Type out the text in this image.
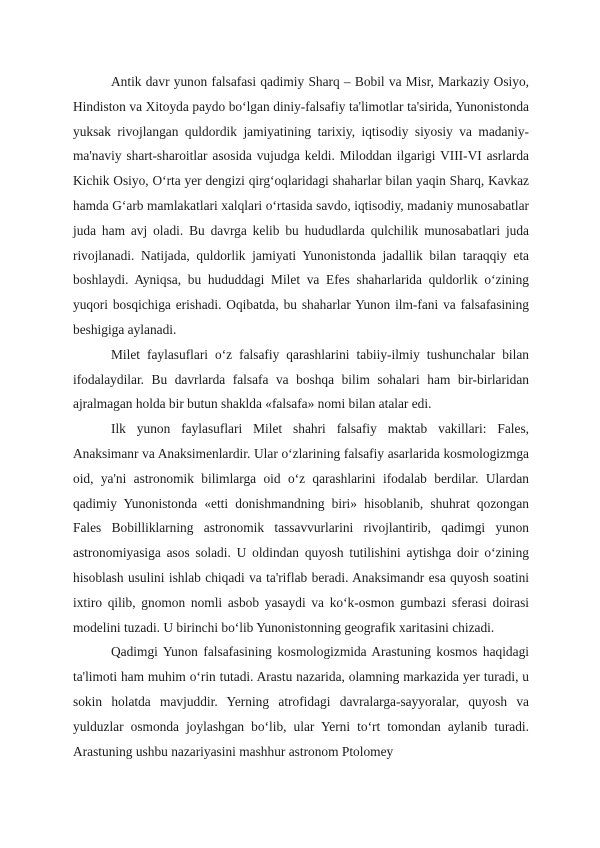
Antik davr yunon falsafasi qadimiy Sharq – Bobil va Misr, Markaziy Osiyo, Hindiston va Xitoyda paydo bo‘lgan diniy-falsafiy ta'limotlar ta'sirida, Yunonistonda yuksak rivojlangan quldordik jamiyatining tarixiy, iqtisodiy siyosiy va madaniy-ma'naviy shart-sharoitlar asosida vujudga keldi. Miloddan ilgarigi VIII-VI asrlarda Kichik Osiyo, O‘rta yer dengizi qirg‘oqlaridagi shaharlar bilan yaqin Sharq, Kavkaz hamda G‘arb mamlakatlari xalqlari o‘rtasida savdo, iqtisodiy, madaniy munosabatlar juda ham avj oladi. Bu davrga kelib bu hududlarda qulchilik munosabatlari juda rivojlanadi. Natijada, quldorlik jamiyati Yunonistonda jadallik bilan taraqqiy eta boshlaydi. Ayniqsa, bu hududdagi Milet va Efes shaharlarida quldorlik o‘zining yuqori bosqichiga erishadi. Oqibatda, bu shaharlar Yunon ilm-fani va falsafasining beshigiga aylanadi.

Milet faylasuflari o‘z falsafiy qarashlarini tabiiy-ilmiy tushunchalar bilan ifodalaydilar. Bu davrlarda falsafa va boshqa bilim sohalari ham bir-birlaridan ajralmagan holda bir butun shaklda «falsafa» nomi bilan atalar edi.

Ilk yunon faylasuflari Milet shahri falsafiy maktab vakillari: Fales, Anaksimanr va Anaksimenlardir. Ular o‘zlarining falsafiy asarlarida kosmologizmga oid, ya'ni astronomik bilimlarga oid o‘z qarashlarini ifodalab berdilar. Ulardan qadimiy Yunonistonda «etti donishmandning biri» hisoblanib, shuhrat qozongan Fales Bobilliklarning astronomik tassavvurlarini rivojlantirib, qadimgi yunon astronomiyasiga asos soladi. U oldindan quyosh tutilishini aytishga doir o‘zining hisoblash usulini ishlab chiqadi va ta'riflab beradi. Anaksimandr esa quyosh soatini ixtiro qilib, gnomon nomli asbob yasaydi va ko‘k-osmon gumbazi sferasi doirasi modelini tuzadi. U birinchi bo‘lib Yunonistonning geografik xaritasini chizadi.

Qadimgi Yunon falsafasining kosmologizmida Arastuning kosmos haqidagi ta'limoti ham muhim o‘rin tutadi. Arastu nazarida, olamning markazida yer turadi, u sokin holatda mavjuddir. Yerning atrofidagi davralarga-sayyoralar, quyosh va yulduzlar osmonda joylashgan bo‘lib, ular Yerni to‘rt tomondan aylanib turadi. Arastuning ushbu nazariyasini mashhur astronom Ptolomey
